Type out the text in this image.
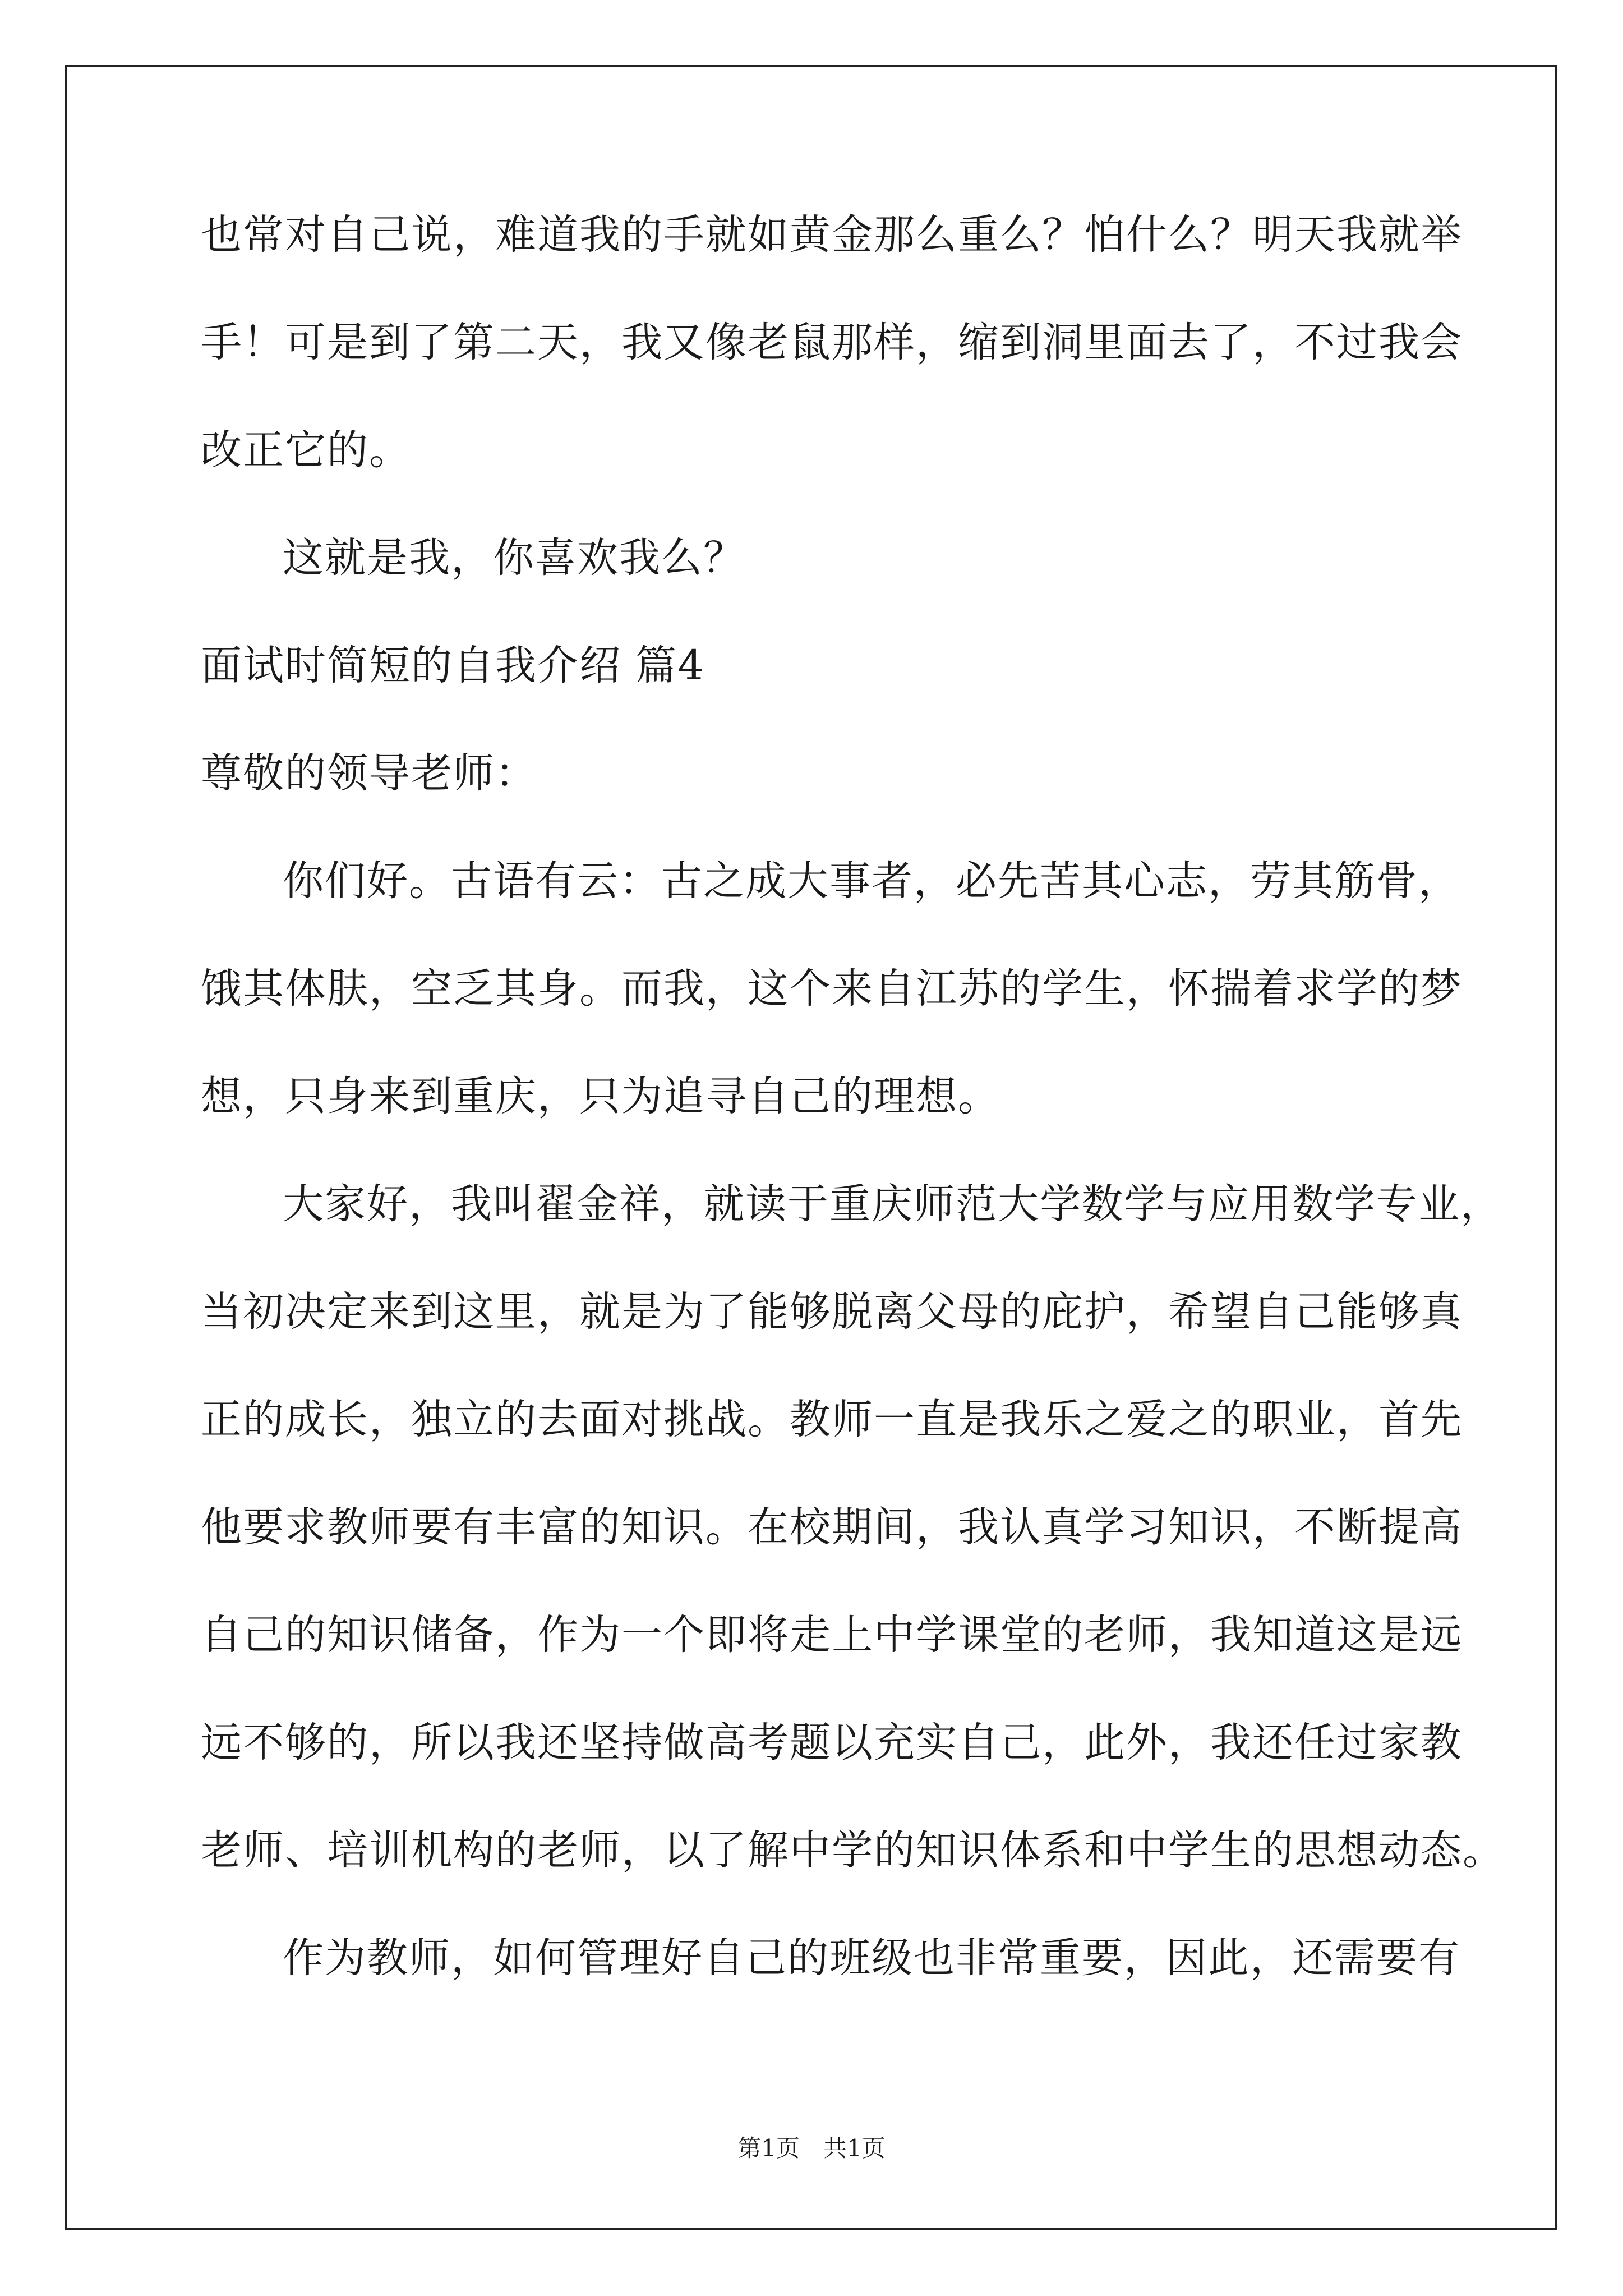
也常对自己说，难道我的手就如黄金那么重么？怕什么？明天我就举
手！可是到了第二天，我又像老鼠那样，缩到洞里面去了，不过我会
改正它的。
这就是我，你喜欢我么？
面试时简短的自我介绍 篇4
尊敬的领导老师：
你们好。古语有云：古之成大事者，必先苦其心志，劳其筋骨，
饿其体肤，空乏其身。而我，这个来自江苏的学生，怀揣着求学的梦
想，只身来到重庆，只为追寻自己的理想。
大家好，我叫翟金祥，就读于重庆师范大学数学与应用数学专业，
当初决定来到这里，就是为了能够脱离父母的庇护，希望自己能够真
正的成长，独立的去面对挑战。教师一直是我乐之爱之的职业，首先
他要求教师要有丰富的知识。在校期间，我认真学习知识，不断提高
自己的知识储备，作为一个即将走上中学课堂的老师，我知道这是远
远不够的，所以我还坚持做高考题以充实自己，此外，我还任过家教
老师、培训机构的老师，以了解中学的知识体系和中学生的思想动态。
作为教师，如何管理好自己的班级也非常重要，因此，还需要有
第1页　共1页
